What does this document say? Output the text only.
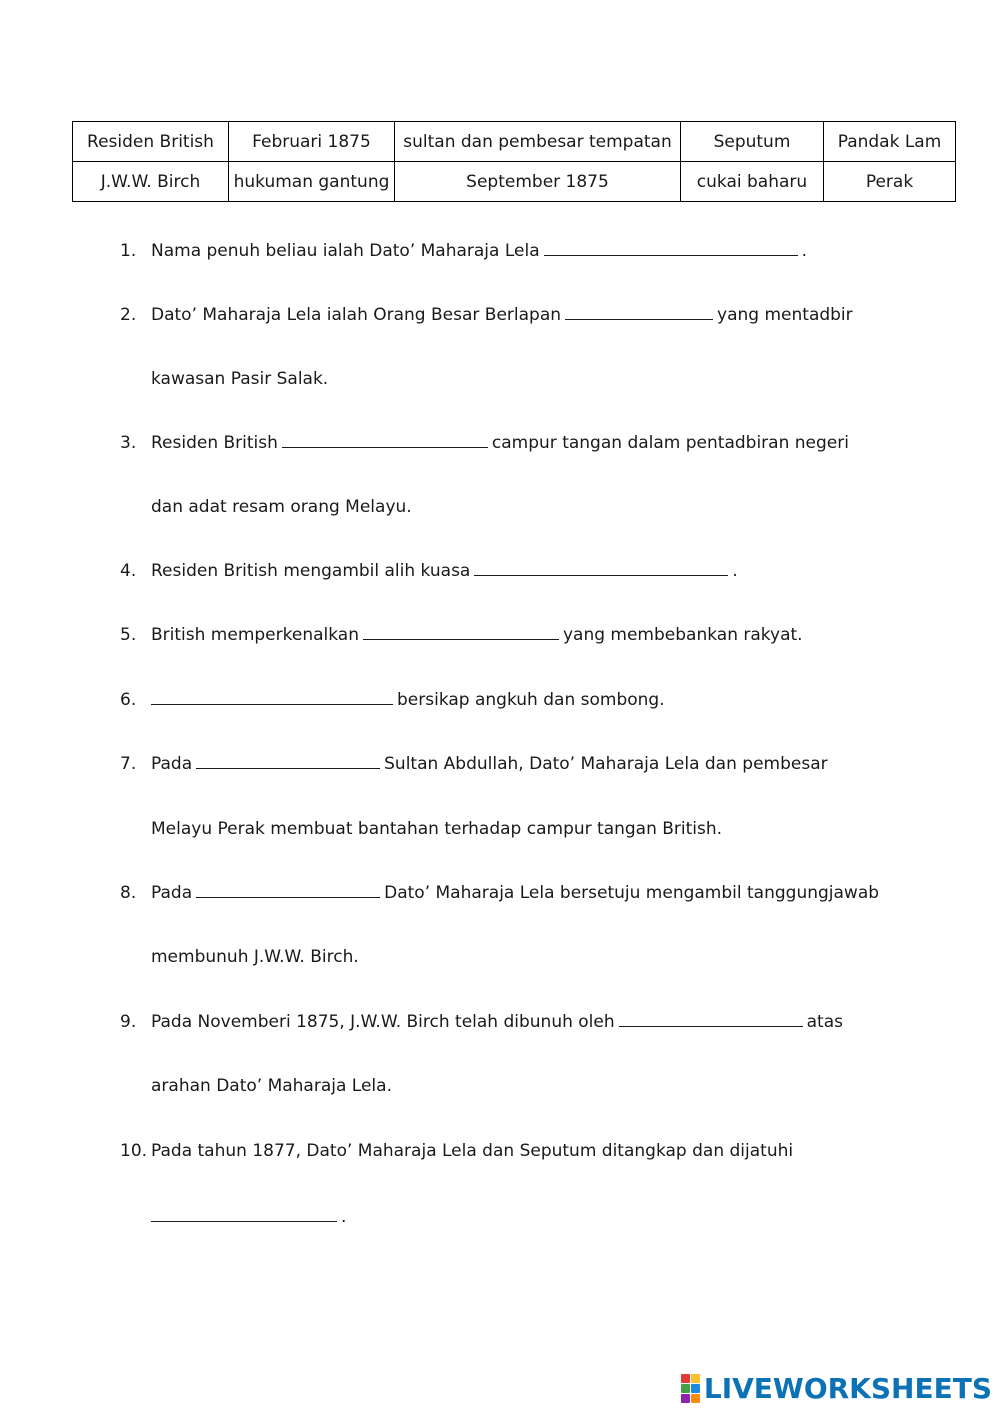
Residen British	Februari 1875	sultan dan pembesar tempatan	Seputum	Pandak Lam
J.W.W. Birch	hukuman gantung	September 1875	cukai baharu	Perak
1. Nama penuh beliau ialah Dato’ Maharaja Lela	.
2. Dato’ Maharaja Lela ialah Orang Besar Berlapan	yang mentadbir
kawasan Pasir Salak.
3. Residen British	campur tangan dalam pentadbiran negeri
dan adat resam orang Melayu.
4. Residen British mengambil alih kuasa	.
5. British memperkenalkan	yang membebankan rakyat.
6.	bersikap angkuh dan sombong.
7. Pada	Sultan Abdullah, Dato’ Maharaja Lela dan pembesar
Melayu Perak membuat bantahan terhadap campur tangan British.
8. Pada	Dato’ Maharaja Lela bersetuju mengambil tanggungjawab
membunuh J.W.W. Birch.
9. Pada Novemberi 1875, J.W.W. Birch telah dibunuh oleh	atas
arahan Dato’ Maharaja Lela.
10. Pada tahun 1877, Dato’ Maharaja Lela dan Seputum ditangkap dan dijatuhi
.
LIVEWORKSHEETS
